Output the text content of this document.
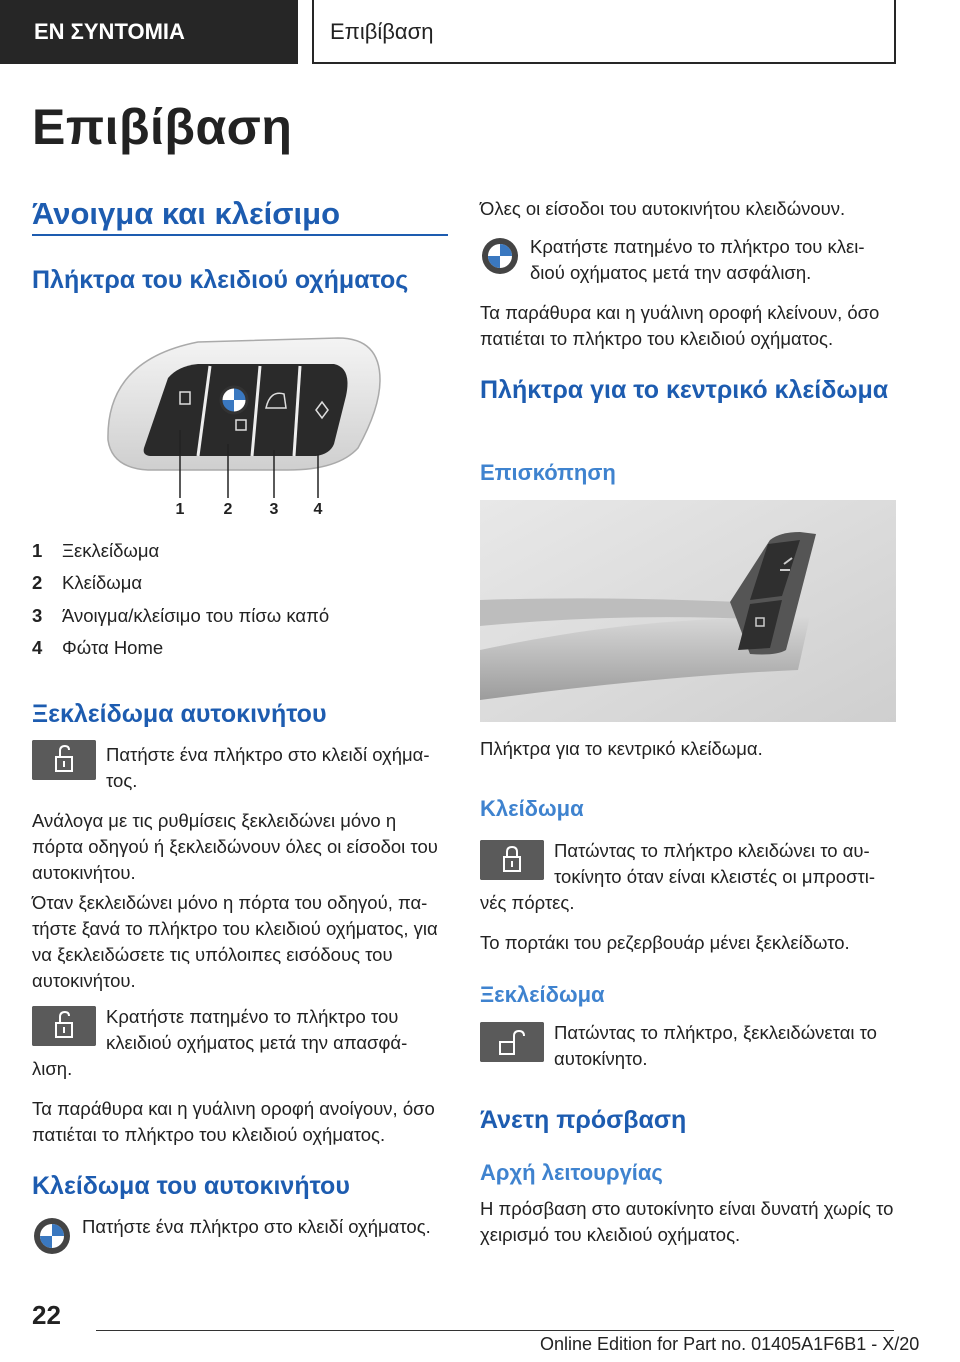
ΕΝ ΣΥΝΤΟΜΙΑ	Επιβίβαση
Επιβίβαση
Άνοιγμα και κλείσιμο
Πλήκτρα του κλειδιού οχήματος
1 2 3 4
1 Ξεκλείδωμα
2 Κλείδωμα
3 Άνοιγμα/κλείσιμο του πίσω καπό
4 Φώτα Home
Ξεκλείδωμα αυτοκινήτου
Πατήστε ένα πλήκτρο στο κλειδί οχήμα‐
τος.
Ανάλογα με τις ρυθμίσεις ξεκλειδώνει μόνο η πόρτα οδηγού ή ξεκλειδώνουν όλες οι είσοδοι του αυτοκινήτου.
Όταν ξεκλειδώνει μόνο η πόρτα του οδηγού, πα‐τήστε ξανά το πλήκτρο του κλειδιού οχήματος, για να ξεκλειδώσετε τις υπόλοιπες εισόδους του αυτοκινήτου.
Κρατήστε πατημένο το πλήκτρο του
κλειδιού οχήματος μετά την απασφά‐
λιση.
Τα παράθυρα και η γυάλινη οροφή ανοίγουν, όσο πατιέται το πλήκτρο του κλειδιού οχήματος.
Κλείδωμα του αυτοκινήτου
Πατήστε ένα πλήκτρο στο κλειδί οχήματος.
Όλες οι είσοδοι του αυτοκινήτου κλειδώνουν.
Κρατήστε πατημένο το πλήκτρο του κλει‐
διού οχήματος μετά την ασφάλιση.
Τα παράθυρα και η γυάλινη οροφή κλείνουν, όσο πατιέται το πλήκτρο του κλειδιού οχήματος.
Πλήκτρα για το κεντρικό κλείδωμα
Επισκόπηση
Πλήκτρα για το κεντρικό κλείδωμα.
Κλείδωμα
Πατώντας το πλήκτρο κλειδώνει το αυ‐
τοκίνητο όταν είναι κλειστές οι μπροστι‐
νές πόρτες.
Το πορτάκι του ρεζερβουάρ μένει ξεκλείδωτο.
Ξεκλείδωμα
Πατώντας το πλήκτρο, ξεκλειδώνεται το
αυτοκίνητο.
Άνετη πρόσβαση
Αρχή λειτουργίας
Η πρόσβαση στο αυτοκίνητο είναι δυνατή χωρίς το χειρισμό του κλειδιού οχήματος.
22
Online Edition for Part no. 01405A1F6B1 - X/20
